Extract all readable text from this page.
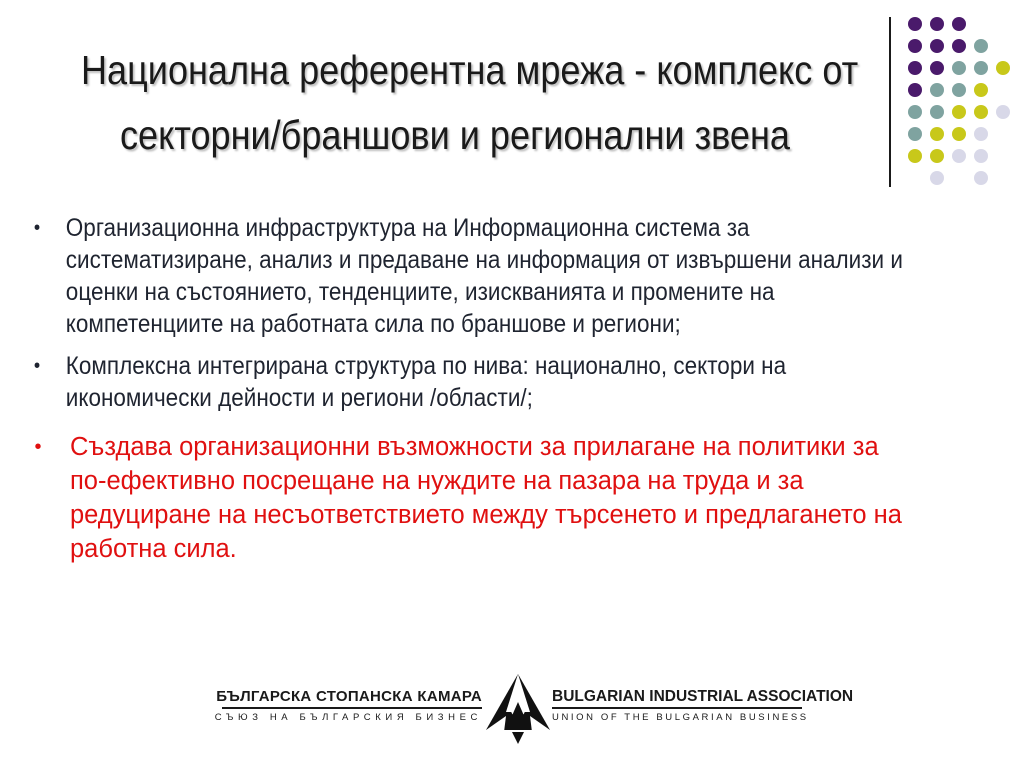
Национална референтна мрежа - комплекс от
секторни/браншови и регионални звена
• Организационна инфраструктура на Информационна система за систематизиране, анализ и предаване на информация от извършени анализи и оценки на състоянието, тенденциите, изискванията и промените на компетенциите на работната сила по браншове и региони;
• Комплексна интегрирана структура по нива: национално, сектори на икономически дейности и региони /области/;
• Създава организационни възможности за прилагане на политики за по-ефективно посрещане на нуждите на пазара на труда и за редуциране на несъответствието между търсенето и предлагането на работна сила.
БЪЛГАРСКА СТОПАНСКА КАМАРА
СЪЮЗ НА БЪЛГАРСКИЯ БИЗНЕС
BULGARIAN INDUSTRIAL ASSOCIATION
UNION OF THE BULGARIAN BUSINESS
